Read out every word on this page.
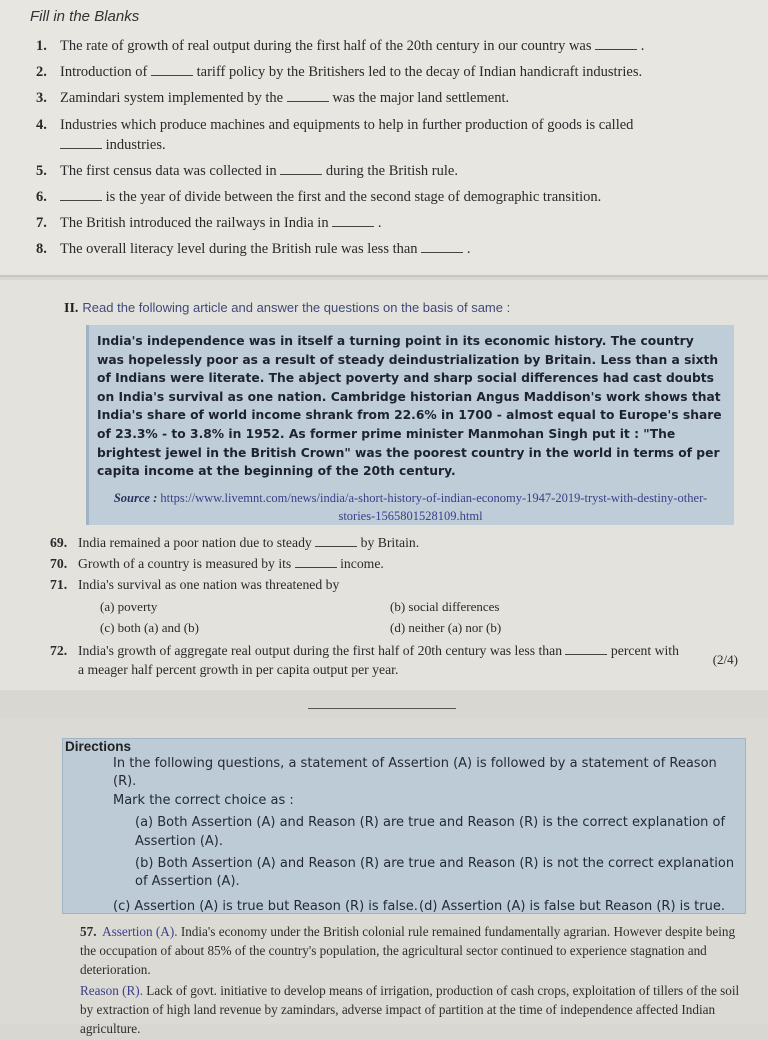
Fill in the Blanks
1. The rate of growth of real output during the first half of the 20th century in our country was	.
2. Introduction of	tariff policy by the Britishers led to the decay of Indian handicraft industries.
3. Zamindari system implemented by the	was the major land settlement.
4. Industries which produce machines and equipments to help in further production of goods is called
industries.
5. The first census data was collected in	during the British rule.
6.	is the year of divide between the first and the second stage of demographic transition.
7. The British introduced the railways in India in	.
8. The overall literacy level during the British rule was less than	.
II. Read the following article and answer the questions on the basis of same :

India's independence was in itself a turning point in its economic history. The country was hopelessly poor as a result of steady deindustrialization by Britain. Less than a sixth of Indians were literate. The abject poverty and sharp social differences had cast doubts on India's survival as one nation. Cambridge historian Angus Maddison's work shows that India's share of world income shrank from 22.6% in 1700 - almost equal to Europe's share of 23.3% - to 3.8% in 1952. As former prime minister Manmohan Singh put it : "The brightest jewel in the British Crown" was the poorest country in the world in terms of per capita income at the beginning of the 20th century.

Source : https://www.livemnt.com/news/india/a-short-history-of-indian-economy-1947-2019-tryst-with-destiny-other-stories-1565801528109.html
69. India remained a poor nation due to steady	by Britain.
70. Growth of a country is measured by its	income.
71. India's survival as one nation was threatened by
(a) poverty	(b) social differences
(c) both (a) and (b)	(d) neither (a) nor (b)
72. India's growth of aggregate real output during the first half of 20th century was less than	percent with a meager half percent growth in per capita output per year.
(2/4)
Directions
In the following questions, a statement of Assertion (A) is followed by a statement of Reason (R).
Mark the correct choice as :
(a) Both Assertion (A) and Reason (R) are true and Reason (R) is the correct explanation of Assertion (A).
(b) Both Assertion (A) and Reason (R) are true and Reason (R) is not the correct explanation of Assertion (A).
(c) Assertion (A) is true but Reason (R) is false. (d) Assertion (A) is false but Reason (R) is true.

57. Assertion (A). India's economy under the British colonial rule remained fundamentally agrarian. However despite being the occupation of about 85% of the country's population, the agricultural sector continued to experience stagnation and deterioration.

Reason (R). Lack of govt. initiative to develop means of irrigation, production of cash crops, exploitation of tillers of the soil by extraction of high land revenue by zamindars, adverse impact of partition at the time of independence affected Indian agriculture.
